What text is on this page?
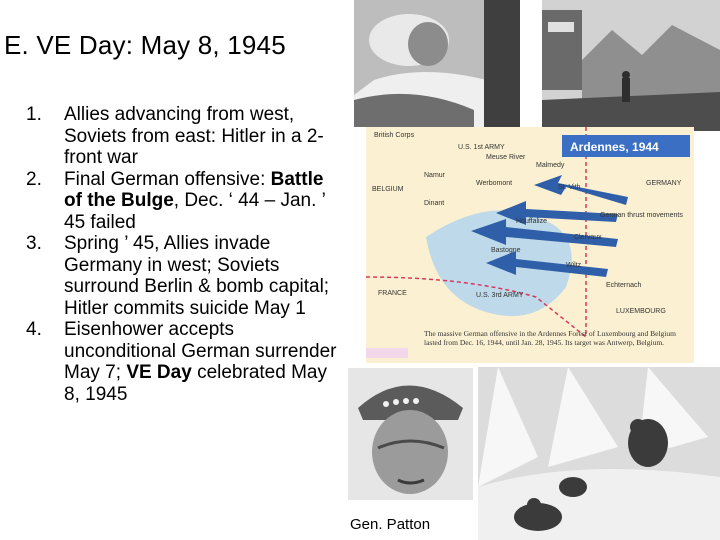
E. VE Day: May 8, 1945
1. Allies advancing from west, Soviets from east: Hitler in a 2-front war
2. Final German offensive: Battle of the Bulge, Dec. ‘ 44 – Jan. ’ 45 failed
3. Spring ’ 45, Allies invade Germany in west; Soviets surround Berlin & bomb capital; Hitler commits suicide May 1
4. Eisenhower accepts unconditional German surrender May 7; VE Day celebrated May 8, 1945
Ardennes, 1944
British Corps
U.S. 1st ARMY
Meuse River
Malmedy
Namur
Werbomont	GERMANY
BELGIUM
Dinant
St. Vith
Houffalize
German thrust movements
Clervaux
Bastogne
Wiltz
Echternach
FRANCE	U.S. 3rd ARMY
LUXEMBOURG
The massive German offensive in the Ardennes Forest of Luxembourg and Belgium lasted from Dec. 16, 1944, until Jan. 28, 1945. Its target was Antwerp, Belgium.
Gen. Patton
